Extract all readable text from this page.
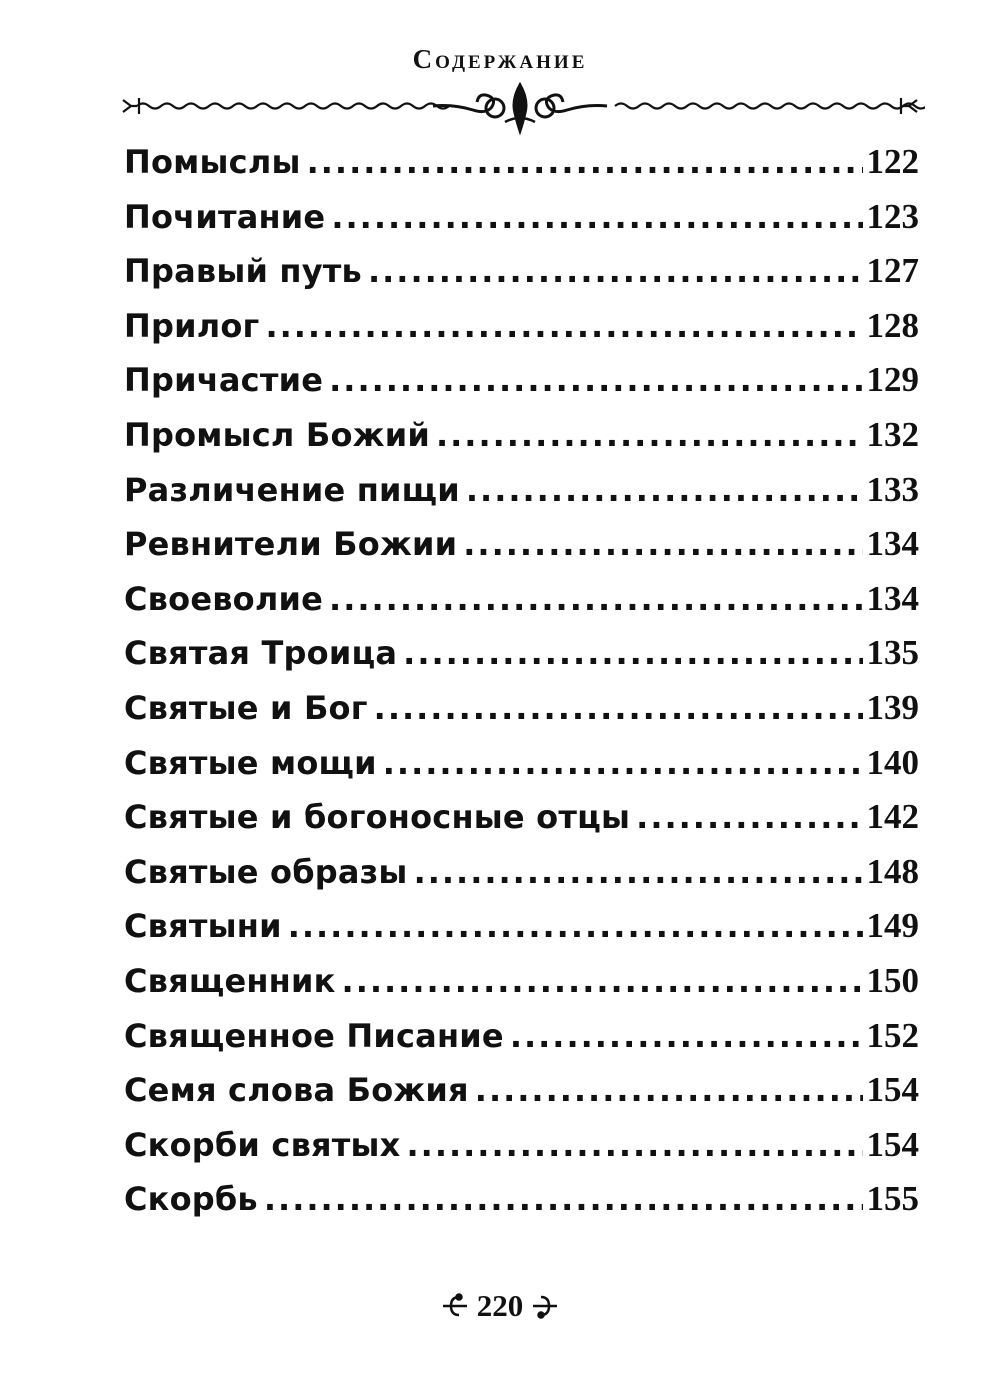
Содержание
Помыслы .....	122
Почитание .....	123
Правый путь .....	127
Прилог .....	128
Причастие .....	129
Промысл Божий .....	132
Различение пищи .....	133
Ревнители Божии .....	134
Своеволие .....	134
Святая Троица .....	135
Святые и Бог .....	139
Святые мощи .....	140
Святые и богоносные отцы .....	142
Святые образы .....	148
Святыни .....	149
Священник .....	150
Священное Писание .....	152
Семя слова Божия .....	154
Скорби святых .....	154
Скорбь .....	155
220
